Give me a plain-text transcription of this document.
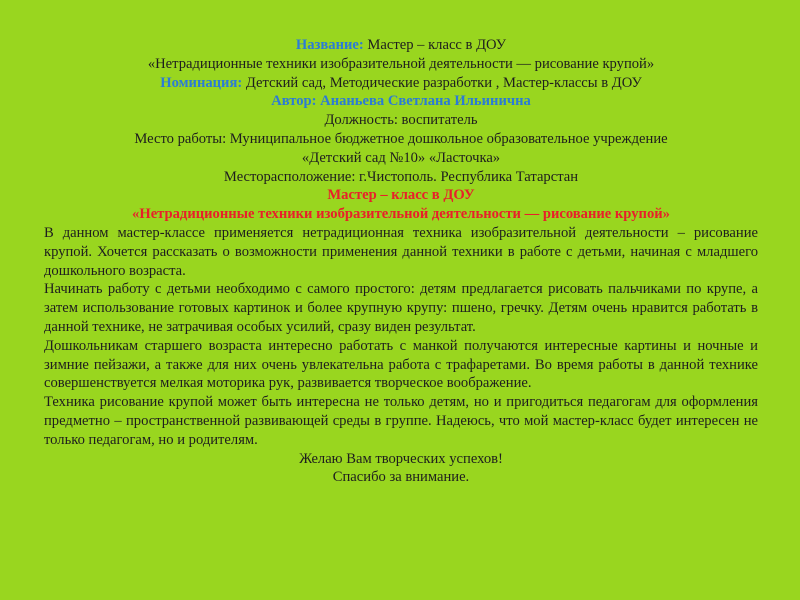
Название: Мастер – класс в ДОУ

«Нетрадиционные техники изобразительной деятельности — рисование крупой»

Номинация: Детский сад, Методические разработки , Мастер-классы в ДОУ

Автор: Ананьева Светлана Ильинична

Должность: воспитатель

Место работы: Муниципальное бюджетное дошкольное образовательное учреждение

«Детский сад №10» «Ласточка»

Месторасположение: г.Чистополь. Республика Татарстан

Мастер – класс в ДОУ

«Нетрадиционные техники изобразительной деятельности — рисование крупой»

В данном мастер-классе применяется нетрадиционная техника изобразительной деятельности – рисование крупой. Хочется рассказать о возможности применения данной техники в работе с детьми, начиная с младшего дошкольного возраста.

Начинать работу с детьми необходимо с самого простого: детям предлагается рисовать пальчиками по крупе, а затем использование готовых картинок и более крупную крупу: пшено, гречку. Детям очень нравится работать в данной технике, не затрачивая особых усилий, сразу виден результат.

Дошкольникам старшего возраста интересно работать с манкой получаются интересные картины и ночные и зимние пейзажи, а также для них очень увлекательна работа с трафаретами. Во время работы в данной технике совершенствуется мелкая моторика рук, развивается творческое воображение.

Техника рисование крупой может быть интересна не только детям, но и пригодиться педагогам для оформления предметно – пространственной развивающей среды в группе. Надеюсь, что мой мастер-класс будет интересен не только педагогам, но и родителям.

Желаю Вам творческих успехов!

Спасибо за внимание.
